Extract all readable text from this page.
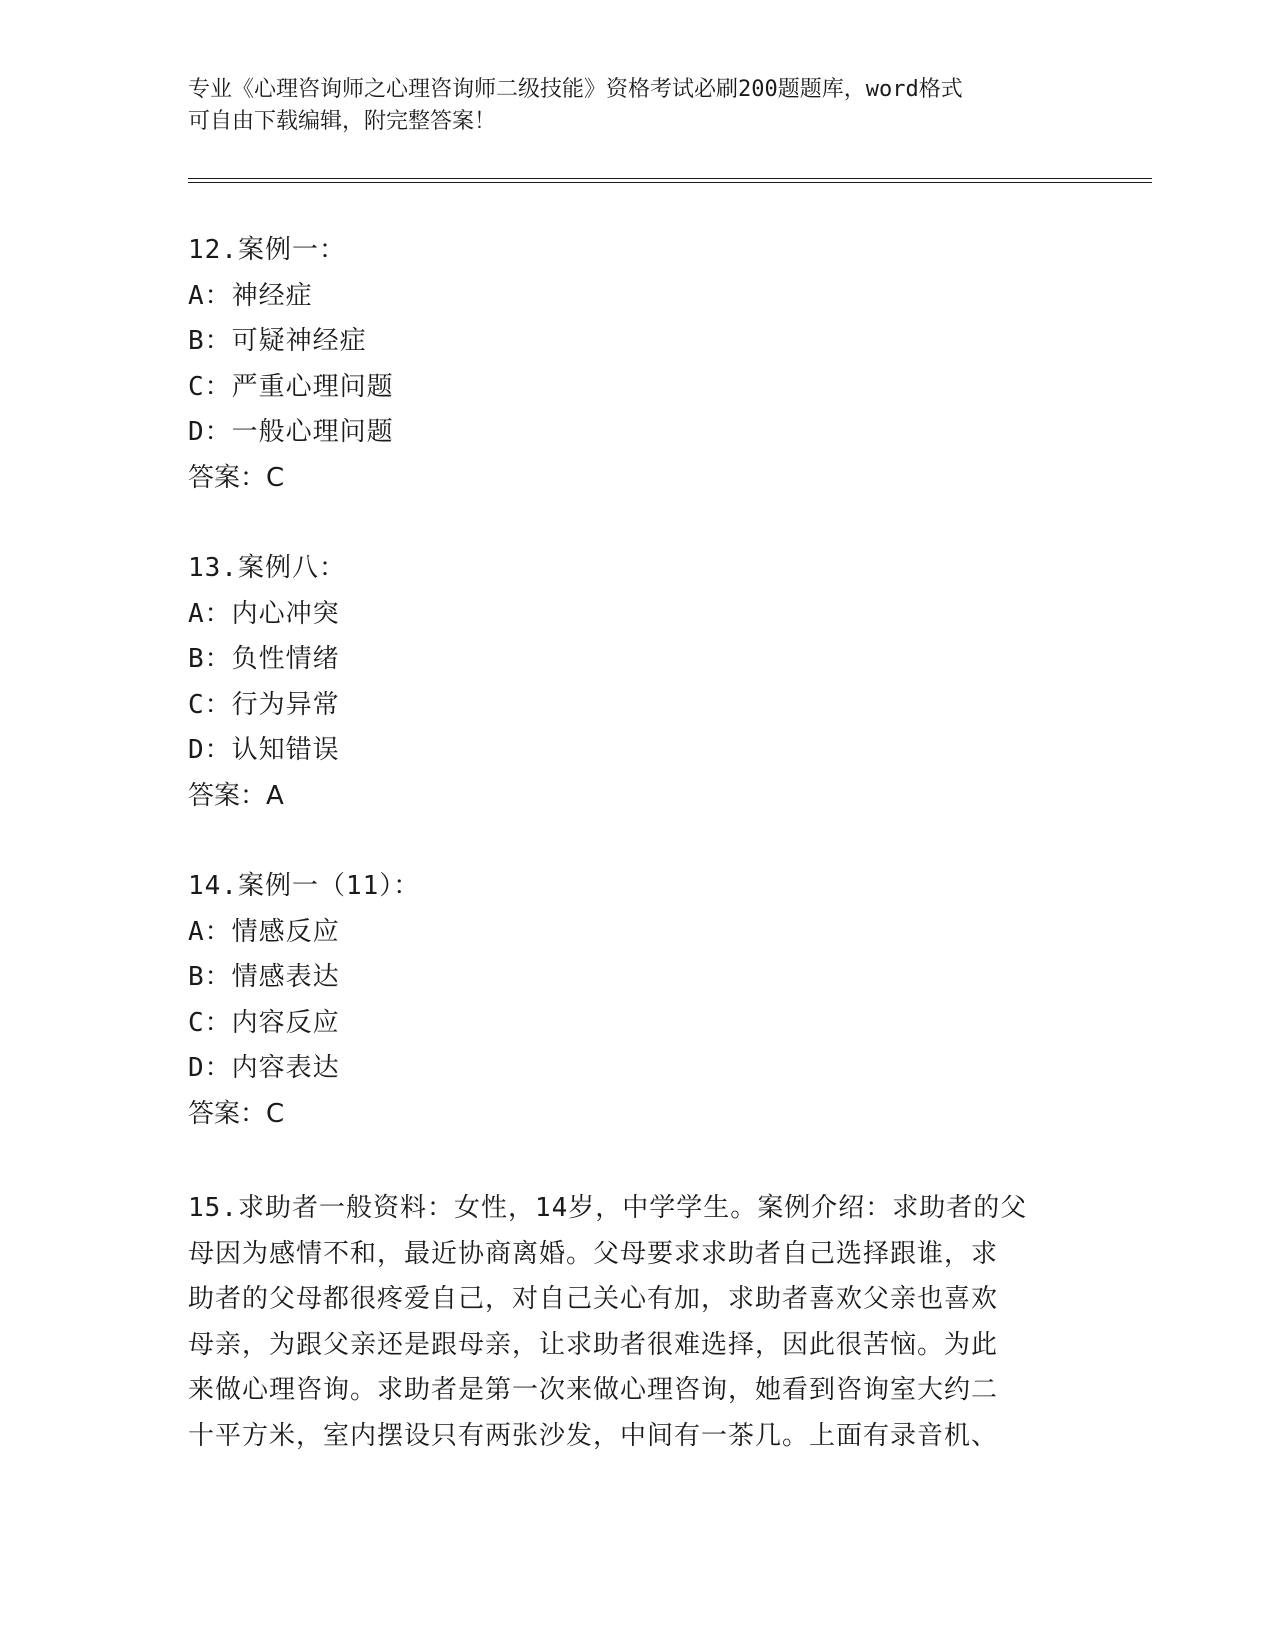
专业《心理咨询师之心理咨询师二级技能》资格考试必刷200题题库，word格式
可自由下载编辑，附完整答案！
12.案例一：
A：神经症
B：可疑神经症
C：严重心理问题
D：一般心理问题
答案：C
13.案例八：
A：内心冲突
B：负性情绪
C：行为异常
D：认知错误
答案：A
14.案例一（11）：
A：情感反应
B：情感表达
C：内容反应
D：内容表达
答案：C
15.求助者一般资料：女性，14岁，中学学生。案例介绍：求助者的父
母因为感情不和，最近协商离婚。父母要求求助者自己选择跟谁，求
助者的父母都很疼爱自己，对自己关心有加，求助者喜欢父亲也喜欢
母亲，为跟父亲还是跟母亲，让求助者很难选择，因此很苦恼。为此
来做心理咨询。求助者是第一次来做心理咨询，她看到咨询室大约二
十平方米，室内摆设只有两张沙发，中间有一茶几。上面有录音机、
